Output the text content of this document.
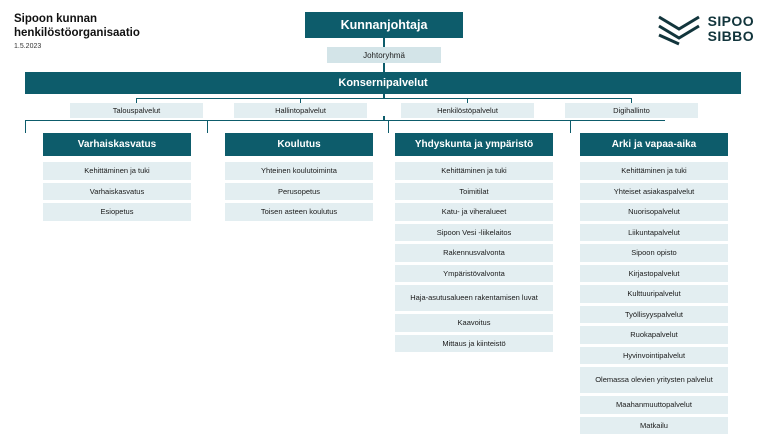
Sipoon kunnan
henkilöstöorganisaatio
1.5.2023
SIPOO
SIBBO
Kunnanjohtaja
Johtoryhmä
Konsernipalvelut
Talouspalvelut	Hallintopalvelut	Henkilöstöpalvelut	Digihallinto
Varhaiskasvatus
Kehittäminen ja tuki
Varhaiskasvatus
Esiopetus
Koulutus
Yhteinen koulutoiminta
Perusopetus
Toisen asteen koulutus
Yhdyskunta ja ympäristö
Kehittäminen ja tuki
Toimitilat
Katu- ja viheralueet
Sipoon Vesi -liikelaitos
Rakennusvalvonta
Ympäristövalvonta
Haja-asutusalueen rakentamisen luvat
Kaavoitus
Mittaus ja kiinteistö
Arki ja vapaa-aika
Kehittäminen ja tuki
Yhteiset asiakaspalvelut
Nuorisopalvelut
Liikuntapalvelut
Sipoon opisto
Kirjastopalvelut
Kulttuuripalvelut
Työllisyyspalvelut
Ruokapalvelut
Hyvinvointipalvelut
Olemassa olevien yritysten palvelut
Maahanmuuttopalvelut
Matkailu
